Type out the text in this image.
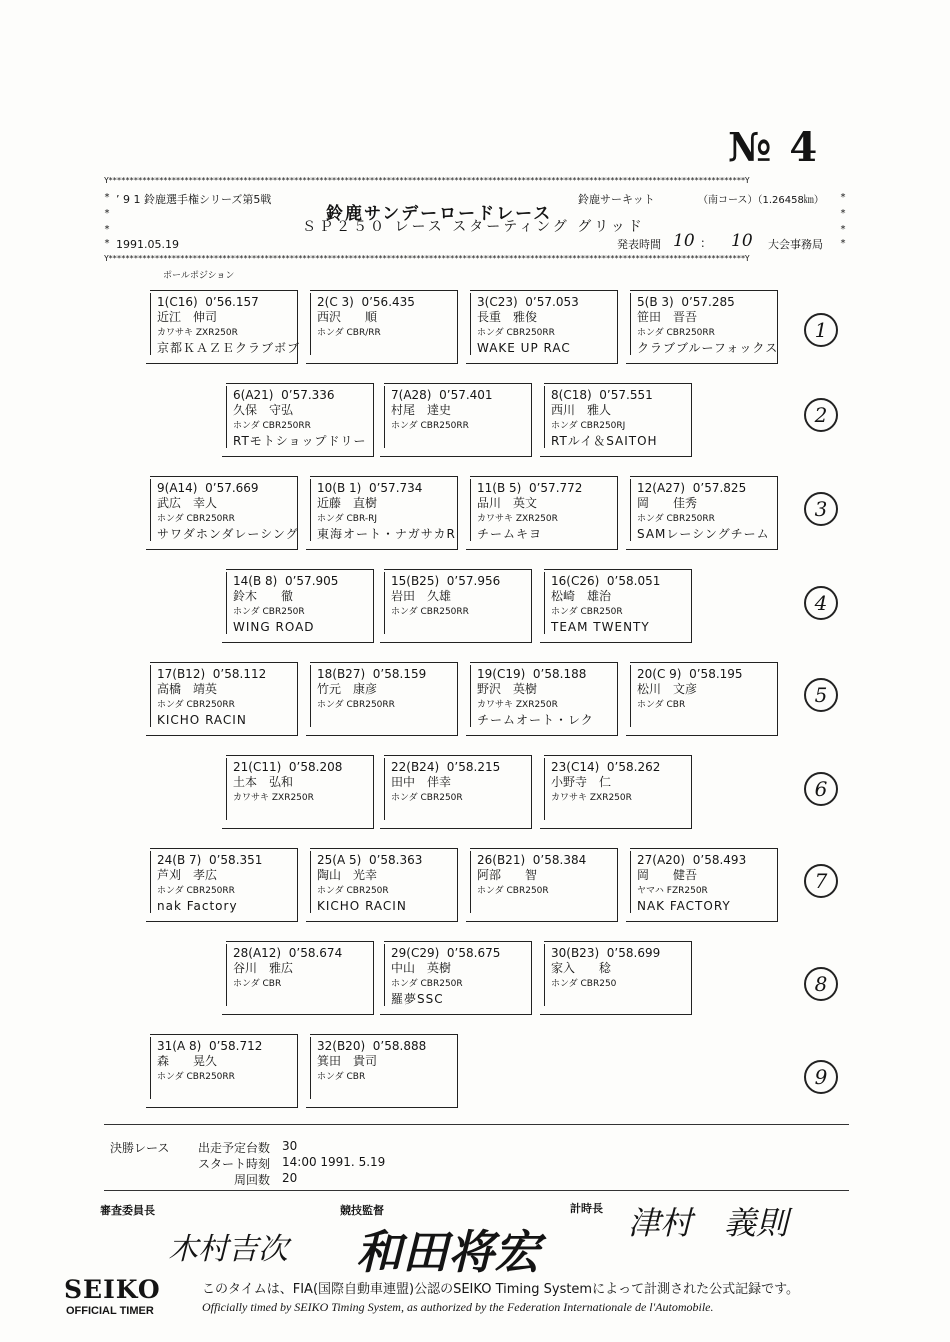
№ 4
Y*******************************************************************************************************************************************************Y
*
*
*
*
*
*
*
*
’ 9 1 鈴鹿選手権シリーズ第5戦	鈴鹿サーキット	（南コース）（1.26458㎞）
鈴鹿サンデーロードレース
ＳＰ２５０ レース スターティング グリッド
1991.05.19	発表時間 10 ： 10 大会事務局
Y*******************************************************************************************************************************************************Y
ポールポジション
1(C16) 0’56.157
近江　伸司
カワサキ ZXR250R
京都ＫＡＺＥクラブボブ
2(C 3) 0’56.435
西沢　　順
ホンダ CBR/RR
3(C23) 0’57.053
長重　雅俊
ホンダ CBR250RR
WAKE UP RAC
5(B 3) 0’57.285
笹田　晋吾
ホンダ CBR250RR
クラブブルーフォックス
6(A21) 0’57.336
久保　守弘
ホンダ CBR250RR
RTモトショップドリー
7(A28) 0’57.401
村尾　達史
ホンダ CBR250RR
8(C18) 0’57.551
西川　雅人
ホンダ CBR250RJ
RTルイ＆SAITOH
9(A14) 0’57.669
武広　幸人
ホンダ CBR250RR
サワダホンダレーシング
10(B 1) 0’57.734
近藤　直樹
ホンダ CBR-RJ
東海オート・ナガサカR
11(B 5) 0’57.772
品川　英文
カワサキ ZXR250R
チームキヨ
12(A27) 0’57.825
岡　　佳秀
ホンダ CBR250RR
SAMレーシングチーム
14(B 8) 0’57.905
鈴木　　徹
ホンダ CBR250R
WING ROAD
15(B25) 0’57.956
岩田　久雄
ホンダ CBR250RR
16(C26) 0’58.051
松崎　雄治
ホンダ CBR250R
TEAM TWENTY
17(B12) 0’58.112
高橋　靖英
ホンダ CBR250RR
KICHO RACIN
18(B27) 0’58.159
竹元　康彦
ホンダ CBR250RR
19(C19) 0’58.188
野沢　英樹
カワサキ ZXR250R
チームオート・レク
20(C 9) 0’58.195
松川　文彦
ホンダ CBR
21(C11) 0’58.208
土本　弘和
カワサキ ZXR250R
22(B24) 0’58.215
田中　伴幸
ホンダ CBR250R
23(C14) 0’58.262
小野寺　仁
カワサキ ZXR250R
24(B 7) 0’58.351
芦刈　孝広
ホンダ CBR250RR
nak Factory
25(A 5) 0’58.363
陶山　光幸
ホンダ CBR250R
KICHO RACIN
26(B21) 0’58.384
阿部　　智
ホンダ CBR250R
27(A20) 0’58.493
岡　　健吾
ヤマハ FZR250R
NAK FACTORY
28(A12) 0’58.674
谷川　雅広
ホンダ CBR
29(C29) 0’58.675
中山　英樹
ホンダ CBR250R
羅夢SSC
30(B23) 0’58.699
家入　　稔
ホンダ CBR250
31(A 8) 0’58.712
森　　晃久
ホンダ CBR250RR
32(B20) 0’58.888
箕田　貴司
ホンダ CBR
1
2
3
4
5
6
7
8
9
決勝レース 出走予定台数 30
スタート時刻 14:00 1991. 5.19
周回数 20
審査委員長
木村吉次
競技監督
和田将宏
計時長 津村　義則
SEIKO
OFFICIAL TIMER
このタイムは、FIA(国際自動車連盟)公認のSEIKO Timing Systemによって計測された公式記録です。
Officially timed by SEIKO Timing System, as authorized by the Federation Internationale de l'Automobile.
